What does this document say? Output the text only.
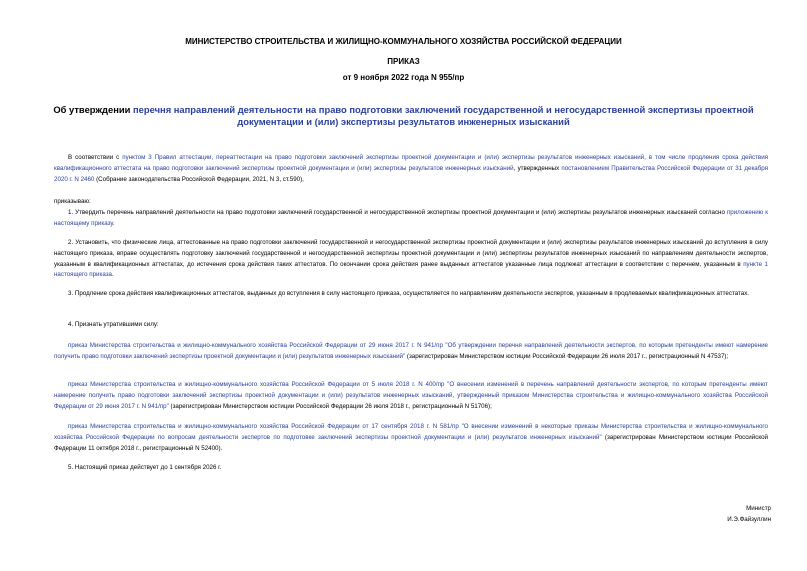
МИНИСТЕРСТВО СТРОИТЕЛЬСТВА И ЖИЛИЩНО-КОММУНАЛЬНОГО ХОЗЯЙСТВА РОССИЙСКОЙ ФЕДЕРАЦИИ
ПРИКАЗ
от 9 ноября 2022 года N 955/пр
Об утверждении перечня направлений деятельности на право подготовки заключений государственной и негосударственной экспертизы проектной документации и (или) экспертизы результатов инженерных изысканий
В соответствии с пунктом 3 Правил аттестации, переаттестации на право подготовки заключений экспертизы проектной документации и (или) экспертизы результатов инженерных изысканий, в том числе продления срока действия квалификационного аттестата на право подготовки заключений экспертизы проектной документации и (или) экспертизы результатов инженерных изысканий, утвержденных постановлением Правительства Российской Федерации от 31 декабря 2020 г. N 2460 (Собрание законодательства Российской Федерации, 2021, N 3, ст.590),
приказываю:
1. Утвердить перечень направлений деятельности на право подготовки заключений государственной и негосударственной экспертизы проектной документации и (или) экспертизы результатов инженерных изысканий согласно приложению к настоящему приказу.
2. Установить, что физические лица, аттестованные на право подготовки заключений государственной и негосударственной экспертизы проектной документации и (или) экспертизы результатов инженерных изысканий до вступления в силу настоящего приказа, вправе осуществлять подготовку заключений государственной и негосударственной экспертизы проектной документации и (или) экспертизы результатов инженерных изысканий по направлениям деятельности экспертов, указанным в квалификационных аттестатах, до истечения срока действия таких аттестатов. По окончании срока действия ранее выданных аттестатов указанные лица подлежат аттестации в соответствии с перечнем, указанным в пункте 1 настоящего приказа.
3. Продление срока действия квалификационных аттестатов, выданных до вступления в силу настоящего приказа, осуществляется по направлениям деятельности экспертов, указанным в продлеваемых квалификационных аттестатах.
4. Признать утратившими силу:
приказ Министерства строительства и жилищно-коммунального хозяйства Российской Федерации от 29 июня 2017 г. N 941/пр "Об утверждении перечня направлений деятельности экспертов, по которым претенденты имеют намерение получить право подготовки заключений экспертизы проектной документации и (или) результатов инженерных изысканий" (зарегистрирован Министерством юстиции Российской Федерации 26 июля 2017 г., регистрационный N 47537);
приказ Министерства строительства и жилищно-коммунального хозяйства Российской Федерации от 5 июля 2018 г. N 400/пр "О внесении изменений в перечень направлений деятельности экспертов, по которым претенденты имеют намерение получить право подготовки заключений экспертизы проектной документации и (или) результатов инженерных изысканий, утвержденный приказом Министерства строительства и жилищно-коммунального хозяйства Российской Федерации от 29 июня 2017 г. N 941/пр" (зарегистрирован Министерством юстиции Российской Федерации 26 июля 2018 г., регистрационный N 51706);
приказ Министерства строительства и жилищно-коммунального хозяйства Российской Федерации от 17 сентября 2018 г. N 581/пр "О внесении изменений в некоторые приказы Министерства строительства и жилищно-коммунального хозяйства Российской Федерации по вопросам деятельности экспертов по подготовке заключений экспертизы проектной документации и (или) результатов инженерных изысканий" (зарегистрирован Министерством юстиции Российской Федерации 11 октября 2018 г., регистрационный N 52400).
5. Настоящий приказ действует до 1 сентября 2026 г.
Министр
И.Э.Файзуллин
